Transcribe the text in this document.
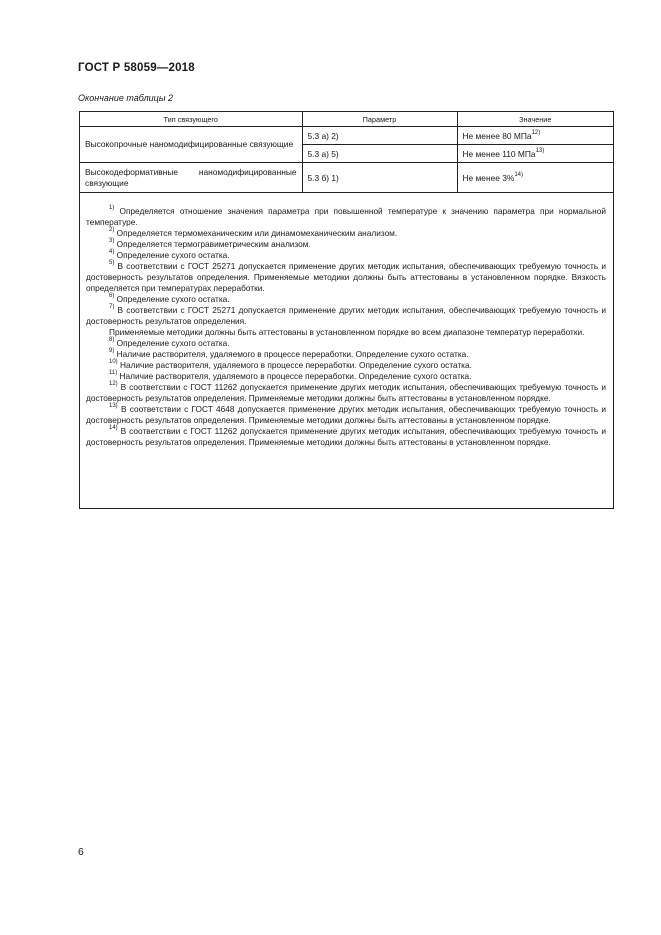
ГОСТ Р 58059—2018
Окончание таблицы 2
Тип связующего	Параметр	Значение
Высокопрочные наномодифицированные связующие	5.3 а) 2)	Не менее 80 МПа$^{12)}$
	5.3 а) 5)	Не менее 110 МПа$^{13)}$
Высокодеформативные наномодифицированные связующие	5.3 б) 1)	Не менее 3%$^{14)}$
$^{1)}$ Определяется отношение значения параметра при повышенной температуре к значению параметра при нормальной температуре.
$^{2)}$ Определяется термомеханическим или динамомеханическим анализом.
$^{3)}$ Определяется термогравиметрическим анализом.
$^{4)}$ Определение сухого остатка.
$^{5)}$ В соответствии с ГОСТ 25271 допускается применение других методик испытания, обеспечивающих требуемую точность и достоверность результатов определения. Применяемые методики должны быть аттестованы в установленном порядке. Вязкость определяется при температурах переработки.
$^{6)}$ Определение сухого остатка.
$^{7)}$ В соответствии с ГОСТ 25271 допускается применение других методик испытания, обеспечивающих требуемую точность и достоверность результатов определения.
Применяемые методики должны быть аттестованы в установленном порядке во всем диапазоне температур переработки.
$^{8)}$ Определение сухого остатка.
$^{9)}$ Наличие растворителя, удаляемого в процессе переработки. Определение сухого остатка.
$^{10)}$ Наличие растворителя, удаляемого в процессе переработки. Определение сухого остатка.
$^{11)}$ Наличие растворителя, удаляемого в процессе переработки. Определение сухого остатка.
$^{12)}$ В соответствии с ГОСТ 11262 допускается применение других методик испытания, обеспечивающих требуемую точность и достоверность результатов определения. Применяемые методики должны быть аттестованы в установленном порядке.
$^{13)}$ В соответствии с ГОСТ 4648 допускается применение других методик испытания, обеспечивающих требуемую точность и достоверность результатов определения. Применяемые методики должны быть аттестованы в установленном порядке.
$^{14)}$ В соответствии с ГОСТ 11262 допускается применение других методик испытания, обеспечивающих требуемую точность и достоверность результатов определения. Применяемые методики должны быть аттестованы в установленном порядке.
6
